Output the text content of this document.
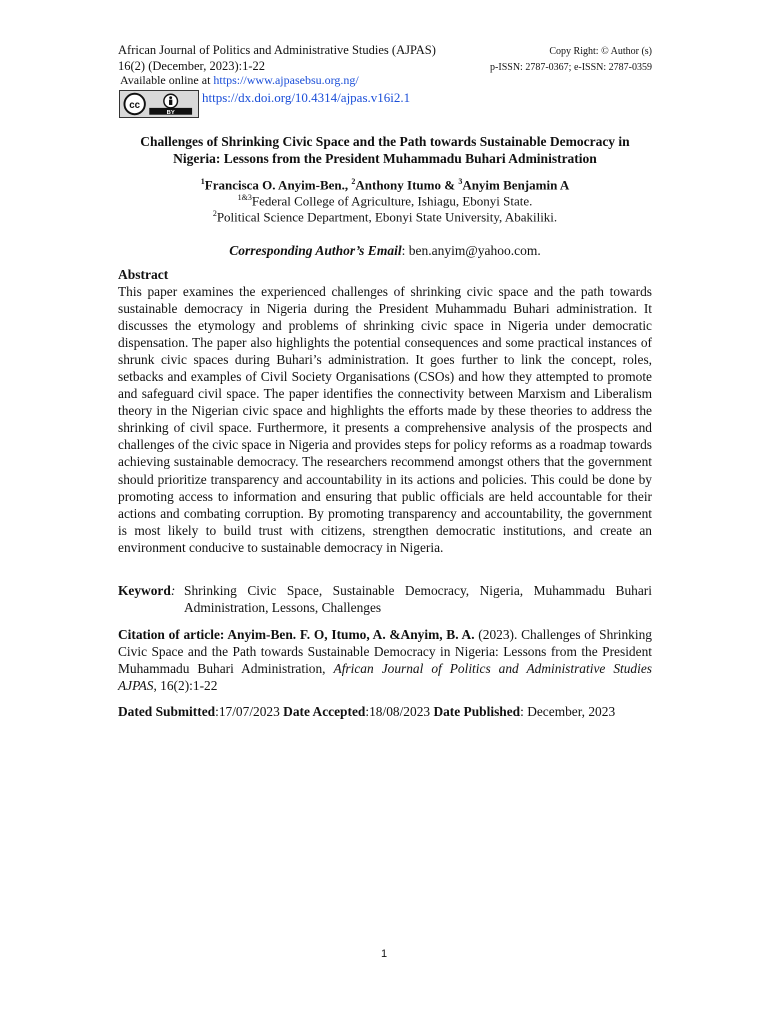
African Journal of Politics and Administrative Studies (AJPAS)
16(2) (December, 2023):1-22
Copy Right: © Author (s)
p-ISSN: 2787-0367; e-ISSN: 2787-0359
Available online at https://www.ajpasebsu.org.ng/
cc
BY
https://dx.doi.org/10.4314/ajpas.v16i2.1
Challenges of Shrinking Civic Space and the Path towards Sustainable Democracy in
Nigeria: Lessons from the President Muhammadu Buhari Administration
$^1$Francisca O. Anyim-Ben., $^2$Anthony Itumo & $^3$Anyim Benjamin A
$^{1\&3}$Federal College of Agriculture, Ishiagu, Ebonyi State.
$^2$Political Science Department, Ebonyi State University, Abakiliki.
Corresponding Author’s Email: ben.anyim@yahoo.com.
Abstract
This paper examines the experienced challenges of shrinking civic space and the path towards sustainable democracy in Nigeria during the President Muhammadu Buhari administration. It discusses the etymology and problems of shrinking civic space in Nigeria under democratic dispensation. The paper also highlights the potential consequences and some practical instances of shrunk civic spaces during Buhari’s administration. It goes further to link the concept, roles, setbacks and examples of Civil Society Organisations (CSOs) and how they attempted to promote and safeguard civil space. The paper identifies the connectivity between Marxism and Liberalism theory in the Nigerian civic space and highlights the efforts made by these theories to address the shrinking of civil space. Furthermore, it presents a comprehensive analysis of the prospects and challenges of the civic space in Nigeria and provides steps for policy reforms as a roadmap towards achieving sustainable democracy. The researchers recommend amongst others that the government should prioritize transparency and accountability in its actions and policies. This could be done by promoting access to information and ensuring that public officials are held accountable for their actions and combating corruption. By promoting transparency and accountability, the government is most likely to build trust with citizens, strengthen democratic institutions, and create an environment conducive to sustainable democracy in Nigeria.
Keyword: Shrinking Civic Space, Sustainable Democracy, Nigeria, Muhammadu Buhari Administration, Lessons, Challenges
Citation of article: Anyim-Ben. F. O, Itumo, A. &Anyim, B. A. (2023). Challenges of Shrinking Civic Space and the Path towards Sustainable Democracy in Nigeria: Lessons from the President Muhammadu Buhari Administration, African Journal of Politics and Administrative Studies AJPAS, 16(2):1-22
Dated Submitted:17/07/2023 Date Accepted:18/08/2023 Date Published: December, 2023
1
